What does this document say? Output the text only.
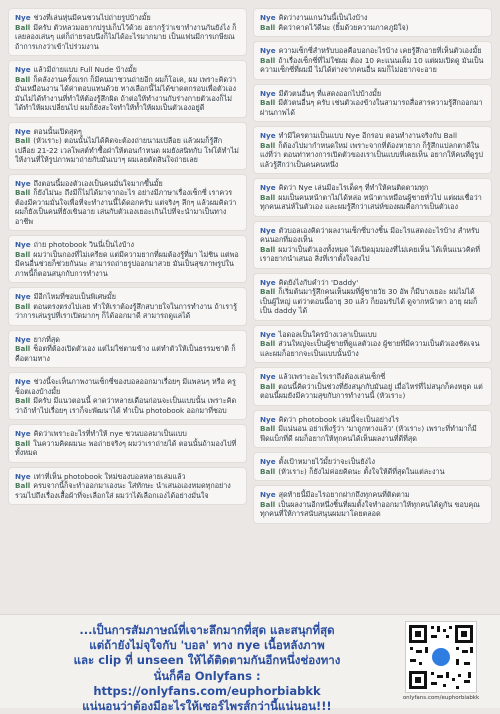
Nye ช่วงที่เล่นหุ่นมีคนชวนไปถ่ายรูปบ้างมั้ย
Ball มีครับ ตัวหลวมอยากปรูปเก็บไว้ด้วย อยากรู้ว่าเขาทำงานกันยังไง ก็เลยลองเล่นๆ แต่ก็ถ่ายรอบนึงก็ไม่ได้อะไรมากมาย เป็นแฟนมีการเกษียณ ถ้าการเกงว่าเข้าไปร่วมงาน
Nye แล้วมีถ่ายแบบ Full Nude บ้างมั้ย
Ball ก็คลังงานครั้งแรก ก็มีคนมาชวนถ่ายอีก ผมก็โอเค, ผม เพราะคิดว่ามันเหมือนงาน ได้ค่าตอบแทนด้วย ทางเลือกนี้ไม่ได้ขาดตกรอบเพื่อตัวเอง มันไม่ได้ทำงานที่ทำให้ต้องรู้สึกผิด ถ้าต่อให้ทำงานกับร่างกายตัวเองก็ไม่ได้ทำให้ผมเปลี่ยนไป ผมก็ยังสะใจทำให้ท้ำให้ผมเป็นตัวเองอยู่ดี
Nye ตอนนั้นเปิดสุดๆ
Ball (หัวเราะ) ตอนนั้นไม่ได้คิดจะต้องถ่ายนามเปลือย แล้วผมก็รู้สึกเปลือย 21-22 เวลโพสต์ทำซื้อฝ่าให้ตอนกำหนด ผมยังสนิทกับ โฟโต้ทำไม่ให้งานที่ให้รูปภาพมาถ่ายกับมันเบาๆ ผมเลยตัดสินใจถ่ายเลย
Nye ถึงตอนนี้มองตัวเองเป็นคนมั่นใจมากขึ้นมั้ย
Ball ก็ยังไม่นะ ถึงมีก็ไม่ได้มาจากอะไร อย่างมีภาษาเรื่องเซ็กซี่ เราควรต้องมีความมั่นใจเพื่อที่จะทำงานนี้ได้ดอกครับ แต่จริงๆ ลึกๆ แล้วผมคิดว่าผมก็ยังเป็นคนที่ยังเขินอาย เล่นกับตัวเองเยอะเกินไปที่จะนำมาเป็นทางอาชีพ
Nye ถ่าย photobook วินนี่เป็นไงบ้าง
Ball ผมว่าเป็นกองที่ไม่เครียด แต่มีความยากที่ผมต้องรู้ที่มา ไม่ชิน แต่พอมีคนอื่นช่วยก็ช่วยกันนะ สามารถถ่ายรูปออกมาสวย มันเป็นสุขภาพรูปในภาพนี้ก็ตอนสนุกกับการทำงาน
Nye มีอีกไหมที่ชอบเป็นพิเศษมั้ย
Ball ตอนตรงตรงไปเลย ทำให้เราต้องรู้สึกสบายใจในการทำงาน ถ้าเรารู้ว่าการเล่นรูปที่เราเปิดมากๆ ก็ได้ออกมาดี สามารถดูแลได้
Nye ยากที่สุด
Ball ช็อตที่ต้องเปิดตัวเอง แต่ไม่ใช่ตามข้าง แต่ทำตัวให้เป็นธรรมชาติ ก็คือตามทาง
Nye ช่วงนี้จะเห็นภาพงานเซ็กซี่ของบอลออกมาเรื่อยๆ มีแพลนๆ หรือ ครูช็อตเองบ้างมั้ย
Ball มีครับ มีแนวตอนนี้ คาดว่าหลายเดือนก่อนจะเป็นแบบนั้น เพราะคิดว่าถ้าทำไปเรื่อยๆ เราก็จะพัฒนาได้ ทำเป็น photobook ออกมาที่ชอบ
Nye คิดว่าเพราะอะไรที่ทำให้ nye ชวนบอลมาเป็นแบบ
Ball ในความคิดผมนะ พอถ่ายจริงๆ ผมว่าเราถ่ายได้ ตอนนั้นถ้ามองไปที่ทั้งหมด
Nye เท่าที่เห็น photobook ใหม่ของบอลหลายเล่มแล้ว
Ball ครบจากนี้ก็จะทำออกมาเองนะ ใส่ทักษะ นำเสนอเองหมดทุกอย่าง รวมไปถึงเรื่องเสื้อผ้าที่จะเลือกใส่ ผมว่าได้เลือกเองได้อย่างมั่นใจ
Nye คิดว่างานแกนวันนี้เป็นไงบ้าง
Ball คิดว่าคาดไว้ดีนะ (ยิ้มด้วยความภาคภูมิใจ)
Nye ความเซ็กซี่สำหรับบอลคือบอกอะไรบ้าง เคยรู้สึกอายที่เห็นตัวเองมั้ย
Ball ถ้าเรื่องเซ็กซี่ที่ไม่ใช่ผม ต้อง 10 คะแนนเต็ม 10 แต่ผมเปิดดู มันเป็นความเซ็กซี่ที่ผมมี ไม่ได้ต่างจากคนอื่น ผมก็ไม่อยากจะอาย
Nye มีตัวตนอื่นๆ ที่แสดงออกไปบ้างมั้ย
Ball มีตัวตนอื่นๆ ครับ เช่นตัวเองข้างในสามารถสื่อสารความรู้สึกออกมาผ่านภาพได้
Nye ทำมีใครตามเป็นแบบ Nye อีกรอบ ตอนทำงานจริงกับ Ball
Ball ก็ต้องไปมากำหนดใหม่ เพราะจากที่ต้องหายาก ก็รู้สึกแปลกตาดีในแง่ที่ว่า ตอนท่าทางการเปิดตัวของเราเป็นแบบที่เคยเห็น อยากให้คนที่ดูรูปแล้วรู้สึกว่าเป็นคนคนหนึ่ง
Nye คิดว่า Nye เล่นมีอะไรเด็ดๆ ที่ทำให้คนติดตามทุก
Ball ผมเป็นคนหน้าตาไม่ได้หล่อ หน้าตาเหมือนผู้ชายทั่วไป แต่ผมเชื่อว่าทุกคนเสน่ห์ในตัวเอง และผมรู้สึกว่าเสน่ห์ของผมคือการเป็นตัวเอง
Nye ตัวบอลเองคิดว่าผลงานเซ็กซี่บางชิ้น มีอะไรแสดงอะไรบ้าง สำหรับคนนอกที่มองเห็น
Ball ผมว่าเป็นตัวเองทั้งหมด ได้เปิดมุมมองที่ไม่เคยเห็น ได้เห็นแนวคิดที่เราอยากนำเสนอ สิ่งที่เราตั้งใจลงไป
Nye คิดยังไงกับคำว่า 'Daddy'
Ball ก็เริ่มต้นมารู้สึกคนเห็นผมที่ผู้ชายวัย 30 อัพ ก็มีบางเยอะ ผมไม่ได้เป็นผู้ใหญ่ แต่ว่าตอนนี้อายุ 30 แล้ว ก็ยอมรับได้ ดูจากหน้าตา อายุ ผมก็เป็น daddy ได้
Nye ไอดอลเป็นใครบ้างเวลาเป็นแบบ
Ball ส่วนใหญ่จะเป็นผู้ชายที่ดูแลตัวเอง ผู้ชายที่มีความเป็นตัวเองชัดเจน และผมก็อยากจะเป็นแบบนั้นบ้าง
Nye แล้วเพราะอะไรเราถึงต้องเล่นเซ็กซี่
Ball ตอนนี้คิดว่าเป็นช่วงที่ยังสนุกกับมันอยู่ เมื่อไหร่ที่ไม่สนุกก็คงหยุด แต่ตอนนี้ผมยังมีความสุขกับการทำงานนี้ (หัวเราะ)
Nye คิดว่า photobook เล่มนี้จะเป็นอย่างไร
Ball มีแน่นอน อย่าเพิ่งรู้ว่า 'มาถูกทางแล้ว' (หัวเราะ) เพราะที่ทำมาก็มีฟีดแบ็กที่ดี ผมก็อยากให้ทุกคนได้เห็นผลงานที่ดีที่สุด
Nye ตั้งเป้าหมายไว้มั้ยว่าจะเป็นยังไง
Ball (หัวเราะ) ก็ยังไม่ค่อยคิดนะ ตั้งใจให้ดีที่สุดในแต่ละงาน
Nye สุดท้ายนี้มีอะไรอยากฝากถึงทุกคนที่ติดตาม
Ball เป็นผลงานอีกหนึ่งชิ้นที่ผมตั้งใจทำออกมาให้ทุกคนได้ดูกัน ขอบคุณทุกคนที่ให้การสนับสนุนผมมาโดยตลอด
...เป็นการสัมภาษณ์ที่เจาะลึกมากที่สุด และสนุกที่สุด
แต่ถ้ายังไม่จุใจกับ 'บอล' ทาง nye เนื้อหลังภาพ
และ clip ที่ unseen ให้ได้ติดตามกันอีกหนึ่งช่องทาง
นั่นก็คือ Onlyfans : https://onlyfans.com/euphorbiabkk
แน่นอนว่าต้องมีอะไรให้เซอร์ไพรส์กว่านี้แน่นอน!!!
onlyfans.com/euphorbiabkk
